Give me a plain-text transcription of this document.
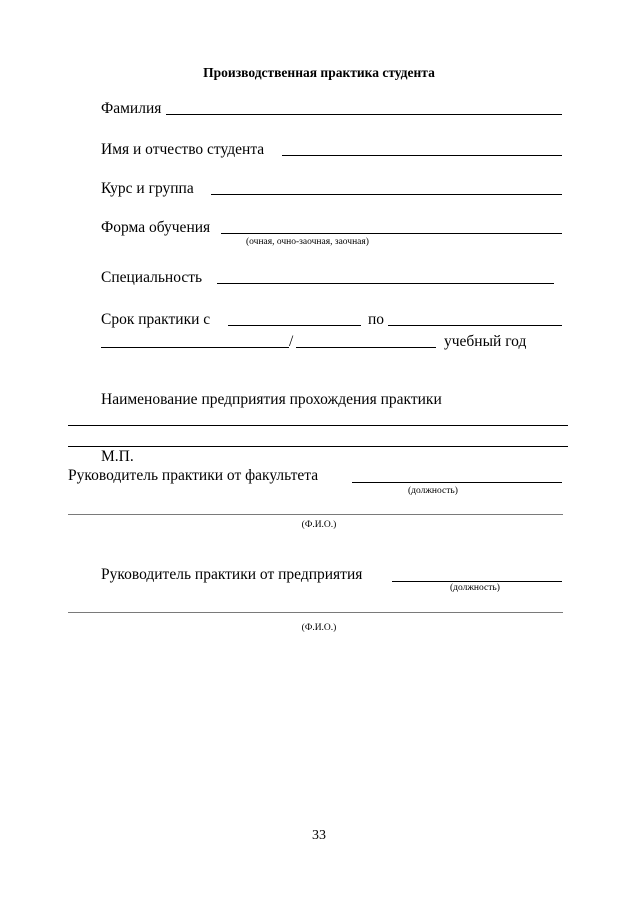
Производственная практика студента
Фамилия
Имя и отчество студента
Курс и группа
Форма обучения
(очная, очно-заочная, заочная)
Специальность
Срок практики с	по
/	учебный год
Наименование предприятия прохождения практики
М.П.
Руководитель практики от факультета
(должность)
(Ф.И.О.)
Руководитель практики от предприятия
(должность)
(Ф.И.О.)
33
